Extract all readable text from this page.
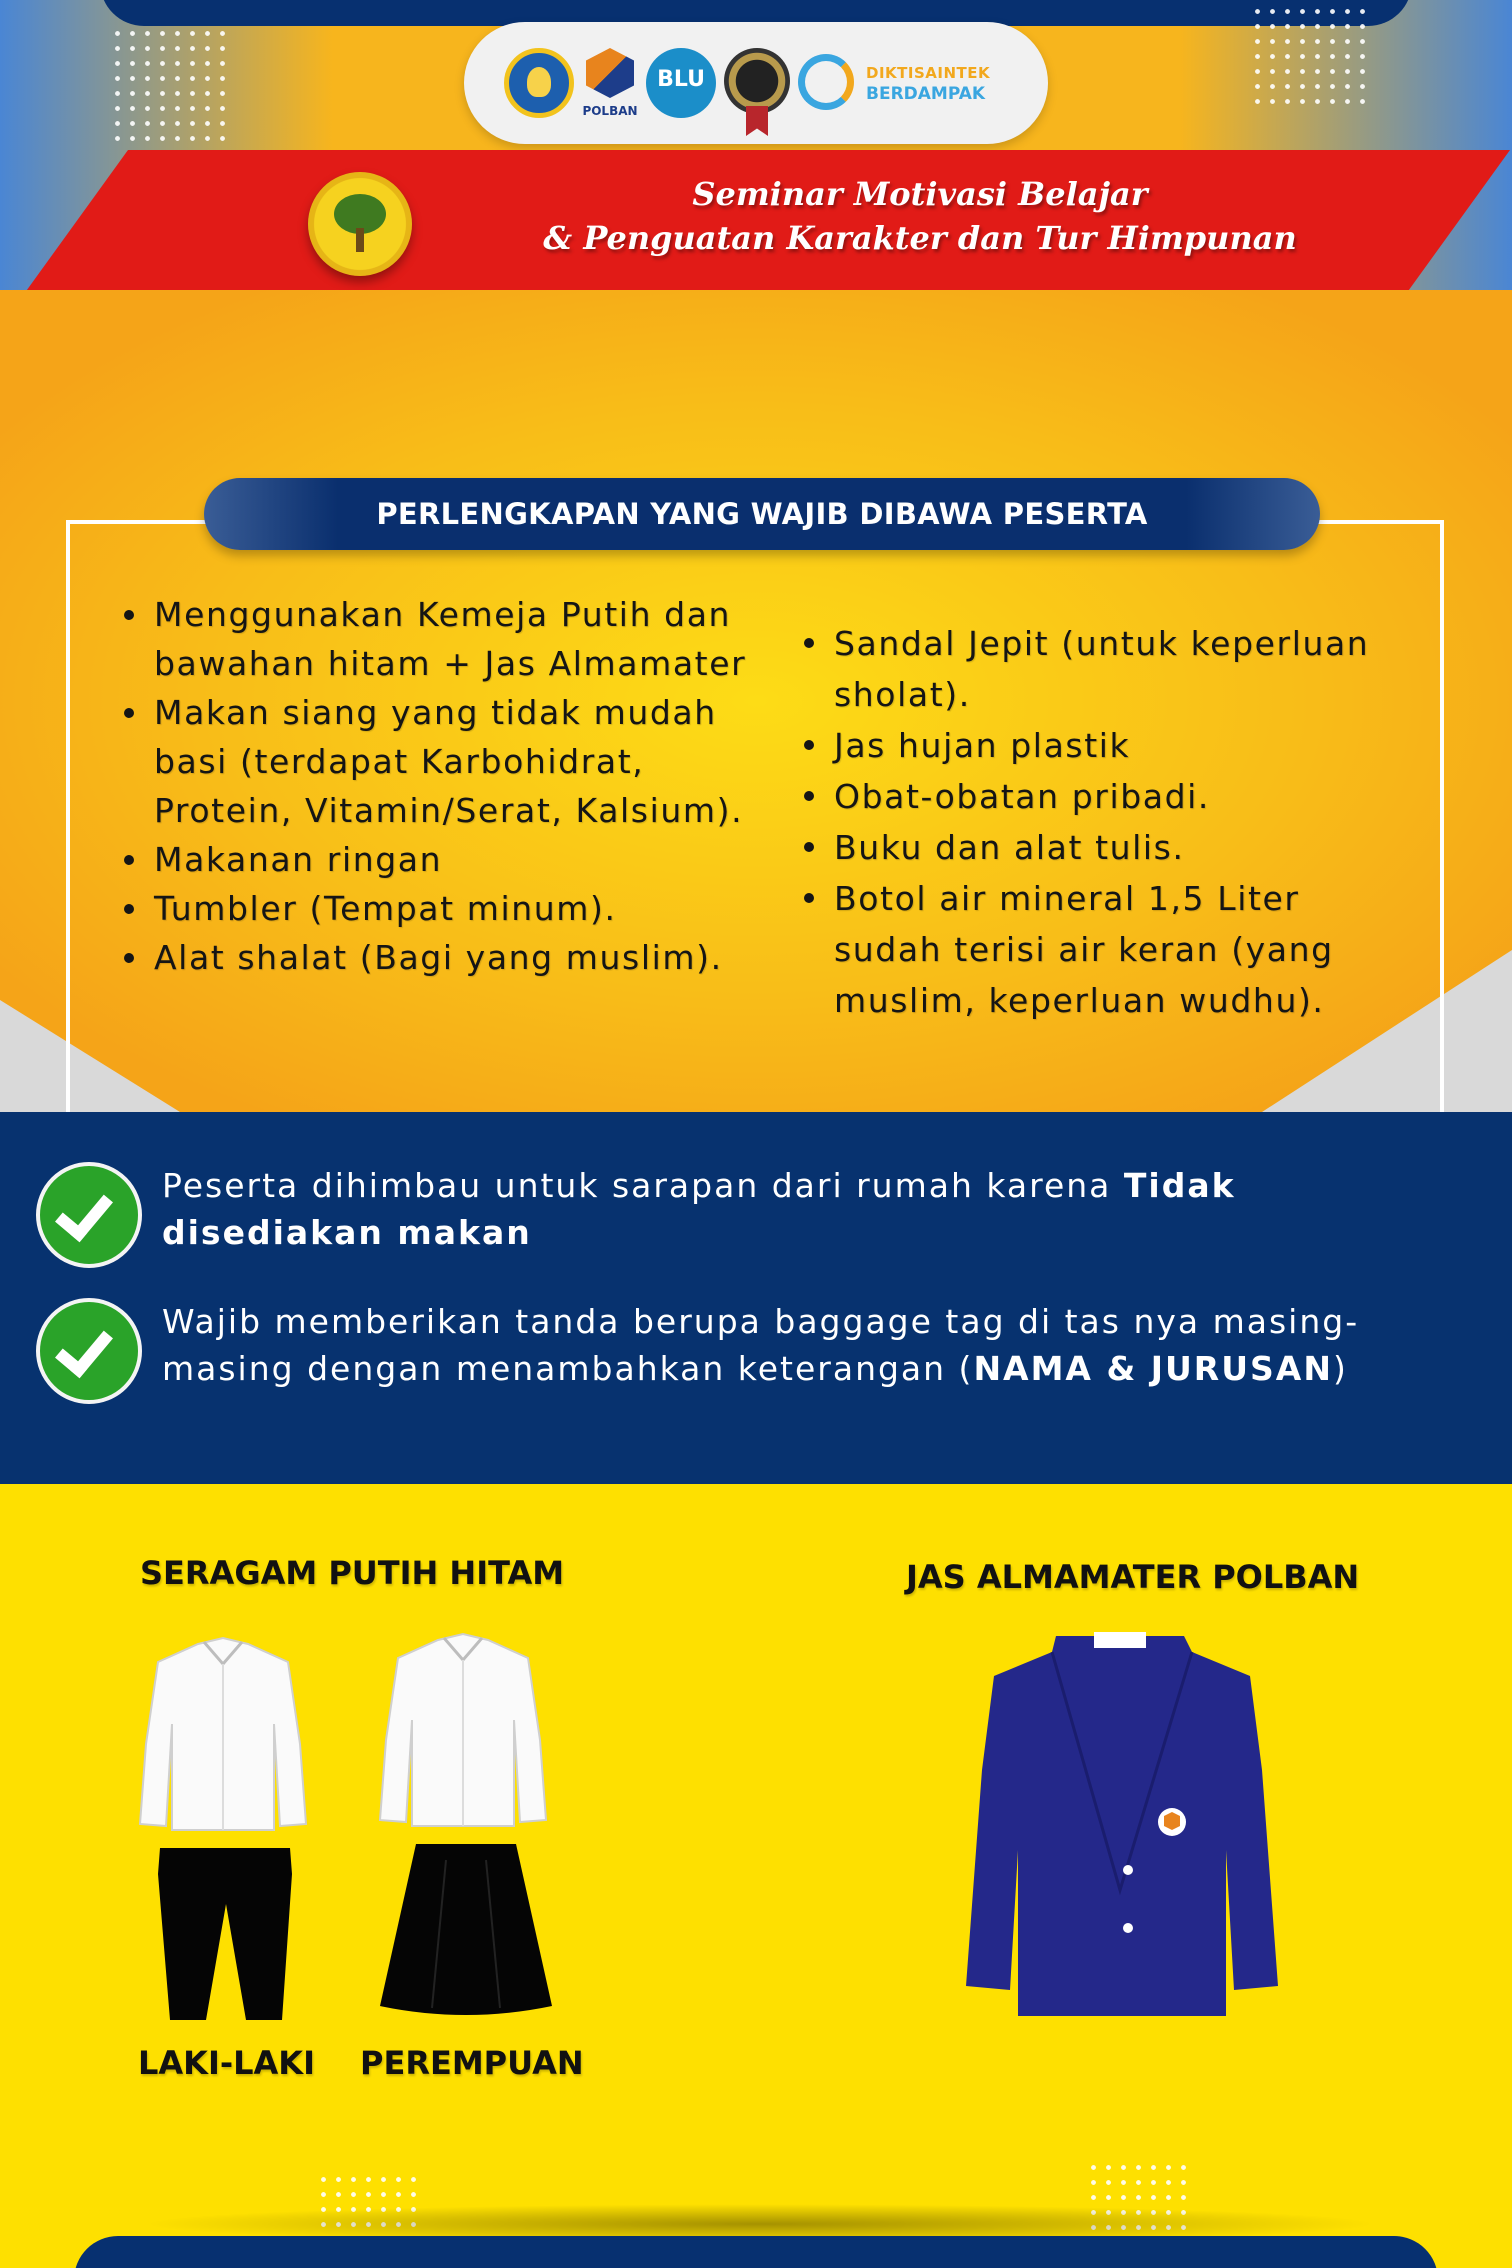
POLBAN
BLU	DIKTISAINTEK
BERDAMPAK
Seminar Motivasi Belajar
& Penguatan Karakter dan Tur Himpunan
PERLENGKAPAN YANG WAJIB DIBAWA PESERTA
Menggunakan Kemeja Putih dan bawahan hitam + Jas Almamater
Makan siang yang tidak mudah basi (terdapat Karbohidrat, Protein, Vitamin/Serat, Kalsium).
Makanan ringan
Tumbler (Tempat minum).
Alat shalat (Bagi yang muslim).
Sandal Jepit (untuk keperluan sholat).
Jas hujan plastik
Obat-obatan pribadi.
Buku dan alat tulis.
Botol air mineral 1,5 Liter sudah terisi air keran (yang muslim, keperluan wudhu).
Peserta dihimbau untuk sarapan dari rumah karena Tidak disediakan makan
Wajib memberikan tanda berupa baggage tag di tas nya masing-masing dengan menambahkan keterangan (NAMA & JURUSAN)
SERAGAM PUTIH HITAM	JAS ALMAMATER POLBAN
LAKI-LAKI PEREMPUAN
